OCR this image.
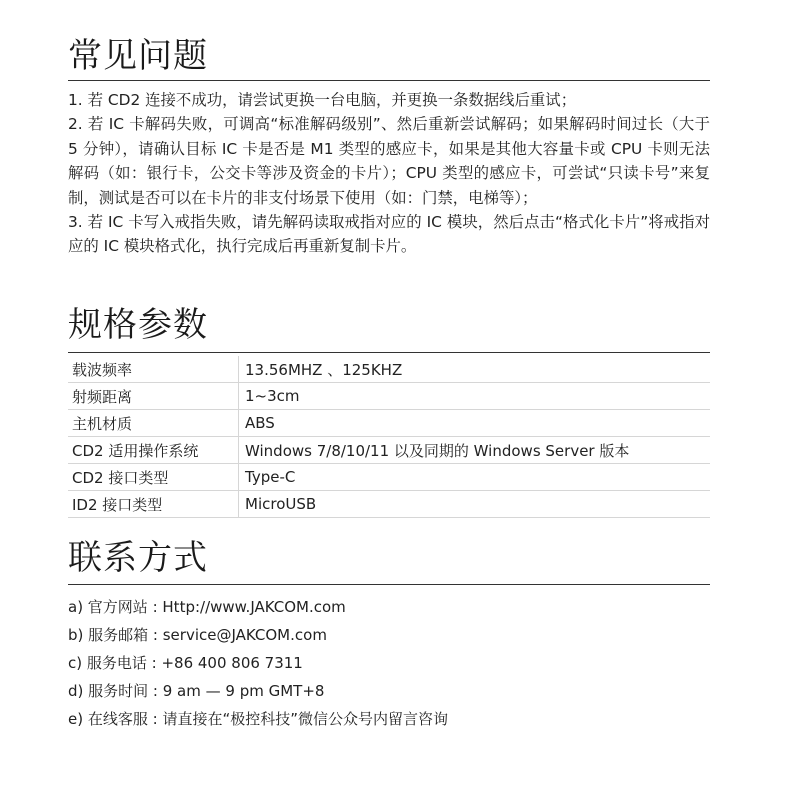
常见问题
1. 若 CD2 连接不成功，请尝试更换一台电脑，并更换一条数据线后重试；
2. 若 IC 卡解码失败，可调高“标准解码级别”、然后重新尝试解码；如果解码时间过长（大于 5 分钟），请确认目标 IC 卡是否是 M1 类型的感应卡，如果是其他大容量卡或 CPU 卡则无法解码（如：银行卡，公交卡等涉及资金的卡片）；CPU 类型的感应卡，可尝试“只读卡号”来复制，测试是否可以在卡片的非支付场景下使用（如：门禁，电梯等）；
3. 若 IC 卡写入戒指失败，请先解码读取戒指对应的 IC 模块，然后点击“格式化卡片”将戒指对应的 IC 模块格式化，执行完成后再重新复制卡片。
规格参数
载波频率	13.56MHZ 、125KHZ
射频距离	1~3cm
主机材质	ABS
CD2 适用操作系统	Windows 7/8/10/11 以及同期的 Windows Server 版本
CD2 接口类型	Type-C
ID2 接口类型	MicroUSB
联系方式
a) 官方网站 : Http://www.JAKCOM.com
b) 服务邮箱 : service@JAKCOM.com
c) 服务电话 : +86 400 806 7311
d) 服务时间 : 9 am — 9 pm GMT+8
e) 在线客服 : 请直接在“极控科技”微信公众号内留言咨询
